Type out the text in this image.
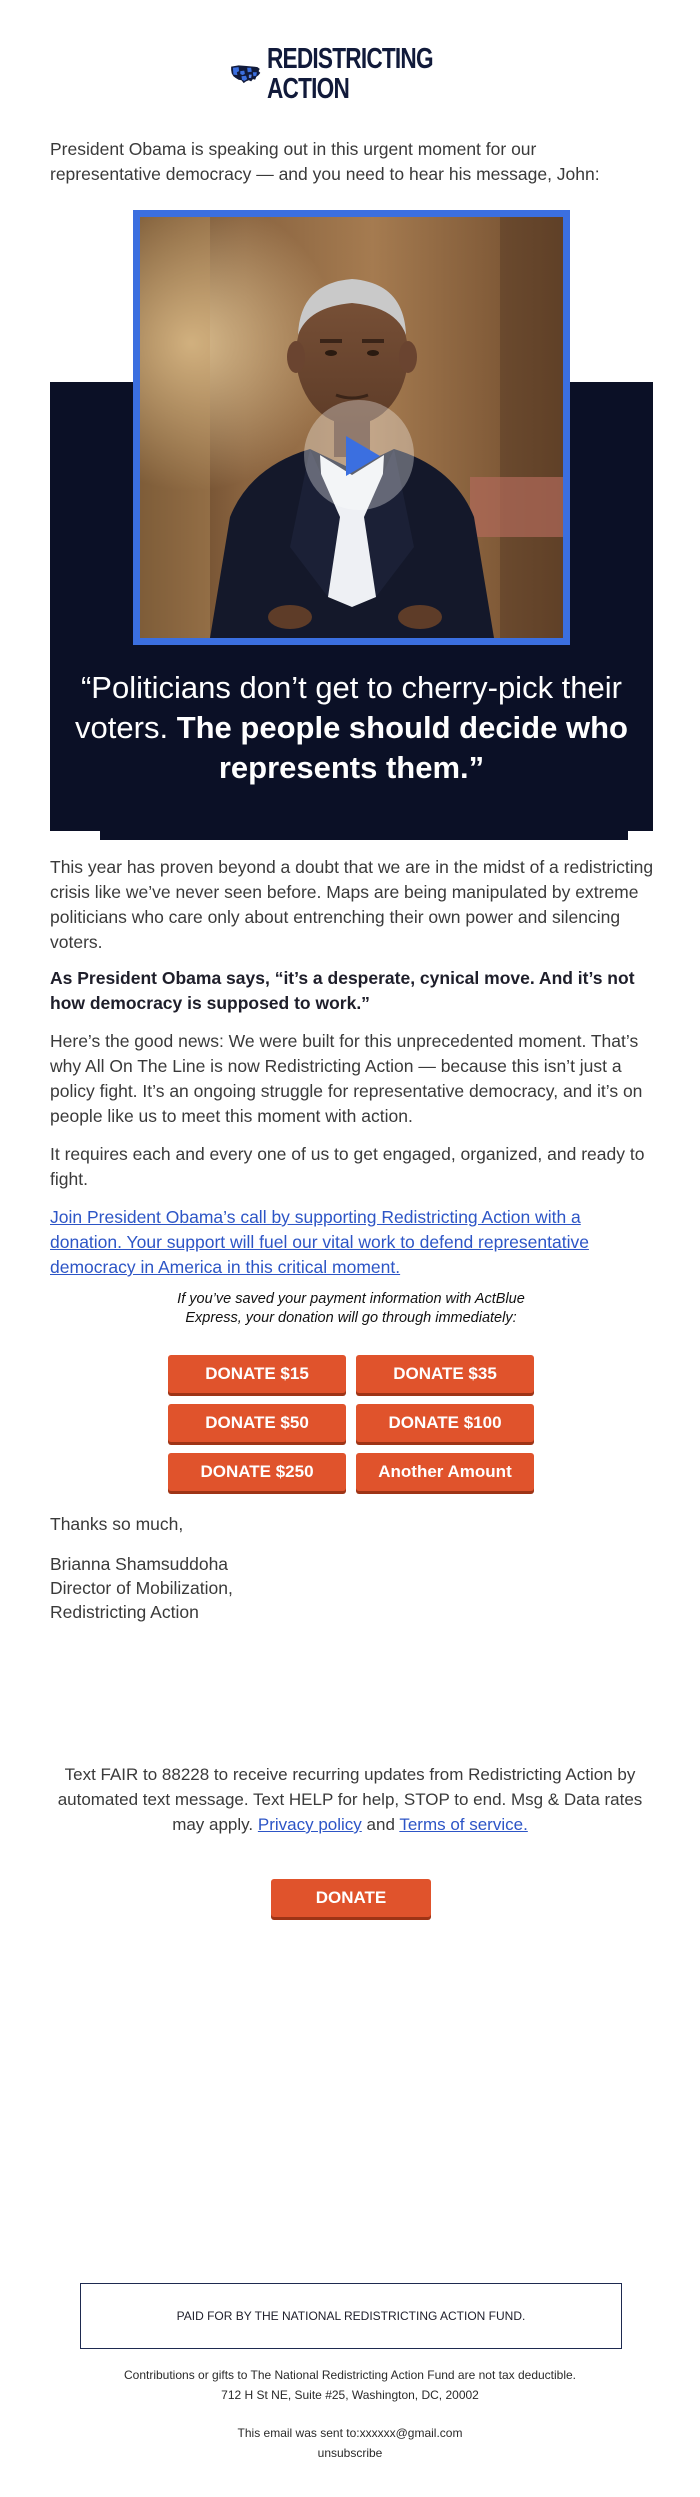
REDISTRICTING
ACTION
President Obama is speaking out in this urgent moment for our representative democracy — and you need to hear his message, John:
“Politicians don’t get to cherry-pick their voters. The people should decide who represents them.”
This year has proven beyond a doubt that we are in the midst of a redistricting crisis like we’ve never seen before. Maps are being manipulated by extreme politicians who care only about entrenching their own power and silencing voters.
As President Obama says, “it’s a desperate, cynical move. And it’s not how democracy is supposed to work.”
Here’s the good news: We were built for this unprecedented moment. That’s why All On The Line is now Redistricting Action — because this isn’t just a policy fight. It’s an ongoing struggle for representative democracy, and it’s on people like us to meet this moment with action.
It requires each and every one of us to get engaged, organized, and ready to fight.
Join President Obama’s call by supporting Redistricting Action with a donation. Your support will fuel our vital work to defend representative democracy in America in this critical moment.
If you’ve saved your payment information with ActBlue Express, your donation will go through immediately:
DONATE $15	DONATE $35
DONATE $50	DONATE $100
DONATE $250	Another Amount
Thanks so much,
Brianna Shamsuddoha
Director of Mobilization,
Redistricting Action
Text FAIR to 88228 to receive recurring updates from Redistricting Action by automated text message. Text HELP for help, STOP to end. Msg & Data rates may apply. Privacy policy and Terms of service.
DONATE
PAID FOR BY THE NATIONAL REDISTRICTING ACTION FUND.
Contributions or gifts to The National Redistricting Action Fund are not tax deductible.
712 H St NE, Suite #25, Washington, DC, 20002
This email was sent to:xxxxxx@gmail.com
unsubscribe
